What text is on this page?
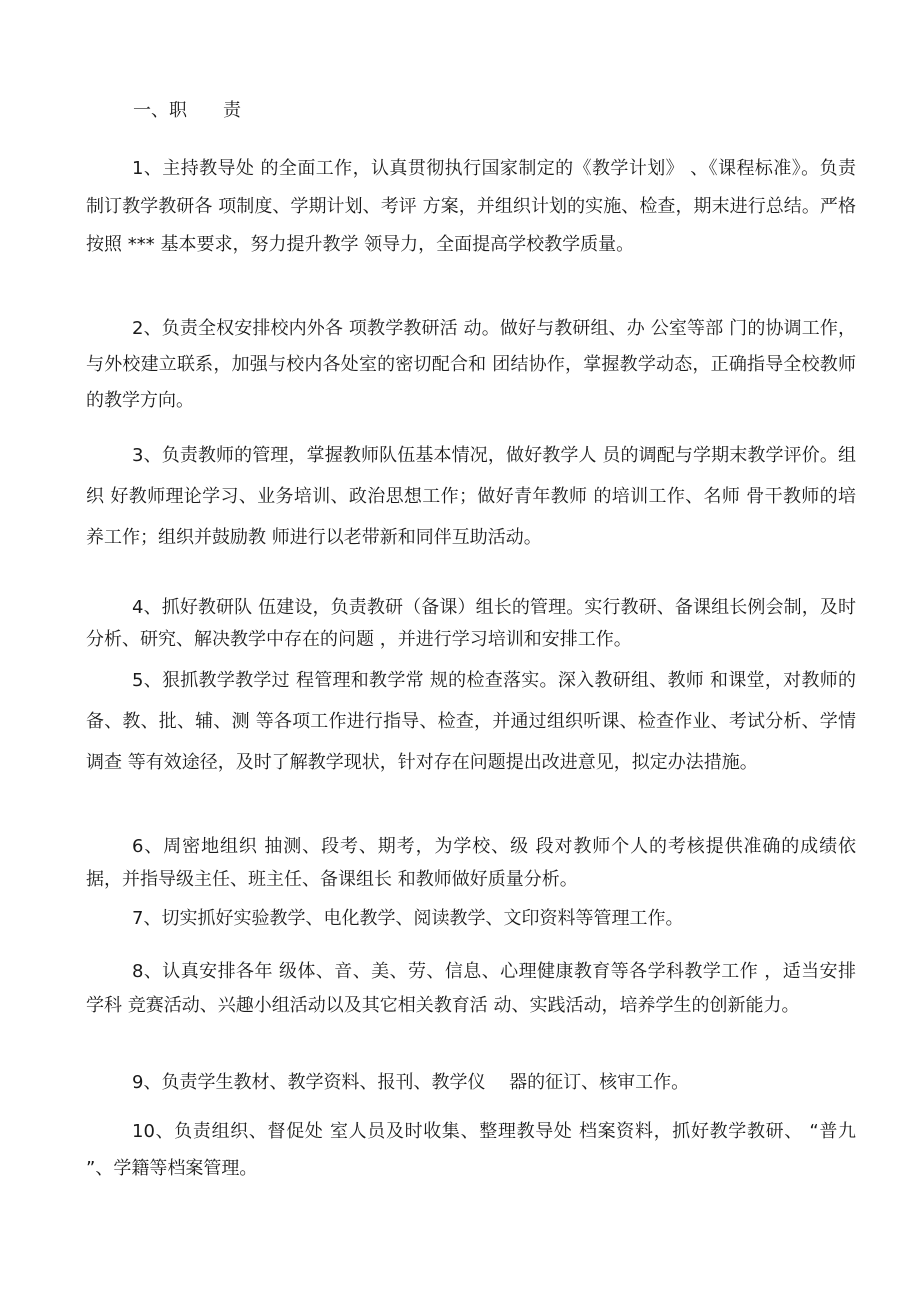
一、职　　责
1、主持教导处 的全面工作，认真贯彻执行国家制定的《教学计划》 、《课程标准》。负责制订教学教研各 项制度、学期计划、考评 方案，并组织计划的实施、检查，期末进行总结。严格按照 *** 基本要求，努力提升教学 领导力，全面提高学校教学质量。
2、负责全权安排校内外各 项教学教研活 动。做好与教研组、办 公室等部 门的协调工作，与外校建立联系，加强与校内各处室的密切配合和 团结协作，掌握教学动态，正确指导全校教师的教学方向。
3、负责教师的管理，掌握教师队伍基本情况，做好教学人 员的调配与学期末教学评价。组织 好教师理论学习、业务培训、政治思想工作；做好青年教师 的培训工作、名师 骨干教师的培养工作；组织并鼓励教 师进行以老带新和同伴互助活动。
4、抓好教研队 伍建设，负责教研（备课）组长的管理。实行教研、备课组长例会制，及时分析、研究、解决教学中存在的问题 ，并进行学习培训和安排工作。
5、狠抓教学教学过 程管理和教学常 规的检查落实。深入教研组、教师 和课堂，对教师的备、教、批、辅、测 等各项工作进行指导、检查，并通过组织听课、检查作业、考试分析、学情调查 等有效途径，及时了解教学现状，针对存在问题提出改进意见，拟定办法措施。
6、周密地组织 抽测、段考、期考，为学校、级 段对教师个人的考核提供准确的成绩依据，并指导级主任、班主任、备课组长 和教师做好质量分析。
7、切实抓好实验教学、电化教学、阅读教学、文印资料等管理工作。
8、认真安排各年 级体、音、美、劳、信息、心理健康教育等各学科教学工作 ，适当安排学科 竞赛活动、兴趣小组活动以及其它相关教育活 动、实践活动，培养学生的创新能力。
9、负责学生教材、教学资料、报刊、教学仪　 器的征订、核审工作。
10、负责组织、督促处 室人员及时收集、整理教导处 档案资料，抓好教学教研、 “普九 ”、学籍等档案管理。
